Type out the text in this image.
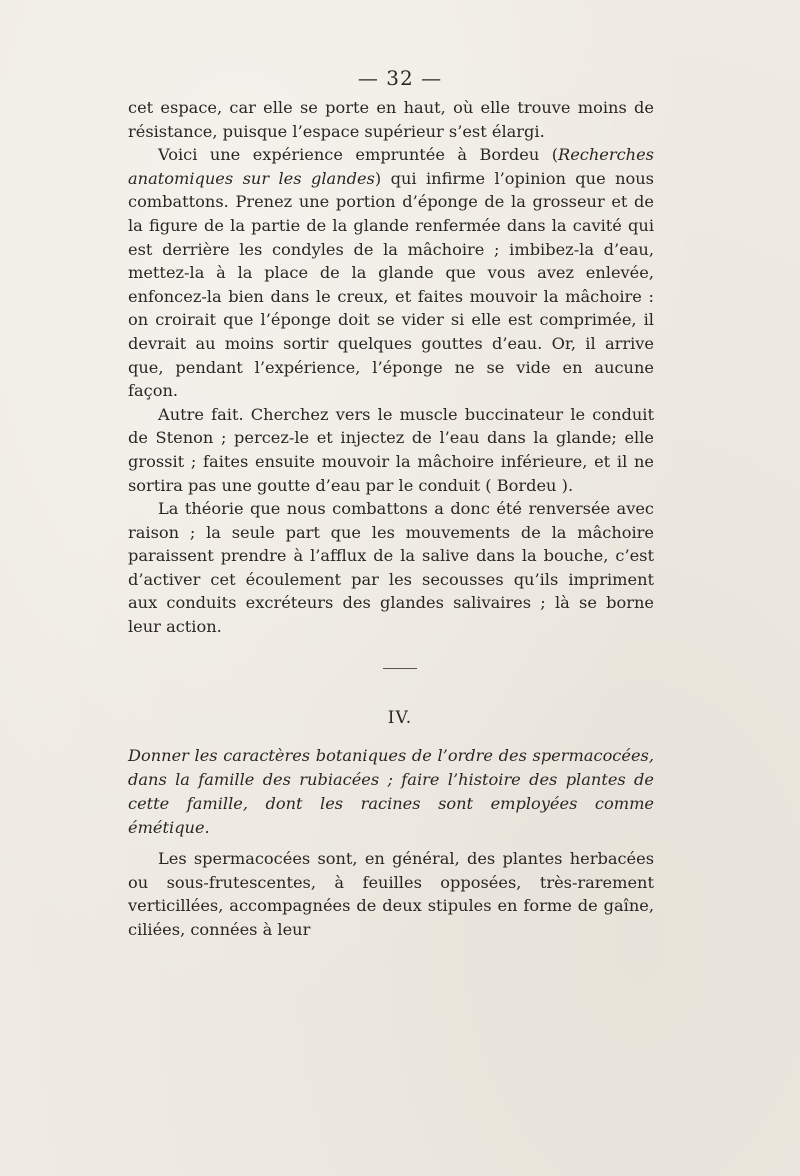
— 32 —

cet espace, car elle se porte en haut, où elle trouve moins de résistance, puisque l’espace supérieur s’est élargi.

Voici une expérience empruntée à Bordeu (Recherches anatomiques sur les glandes) qui infirme l’opinion que nous combattons. Prenez une portion d’éponge de la grosseur et de la figure de la partie de la glande renfermée dans la cavité qui est derrière les condyles de la mâchoire ; imbibez-la d’eau, mettez-la à la place de la glande que vous avez enlevée, enfoncez-la bien dans le creux, et faites mouvoir la mâchoire : on croirait que l’éponge doit se vider si elle est comprimée, il devrait au moins sortir quelques gouttes d’eau. Or, il arrive que, pendant l’expérience, l’éponge ne se vide en aucune façon.

Autre fait. Cherchez vers le muscle buccinateur le conduit de Stenon ; percez-le et injectez de l’eau dans la glande; elle grossit ; faites ensuite mouvoir la mâchoire inférieure, et il ne sortira pas une goutte d’eau par le conduit ( Bordeu ).

La théorie que nous combattons a donc été renversée avec raison ; la seule part que les mouvements de la mâchoire paraissent prendre à l’afflux de la salive dans la bouche, c’est d’activer cet écoulement par les secousses qu’ils impriment aux conduits excréteurs des glandes salivaires ; là se borne leur action.

IV.

Donner les caractères botaniques de l’ordre des spermacocées, dans la famille des rubiacées ; faire l’histoire des plantes de cette famille, dont les racines sont employées comme émétique.

Les spermacocées sont, en général, des plantes herbacées ou sous-frutescentes, à feuilles opposées, très-rarement verticillées, accompagnées de deux stipules en forme de gaîne, ciliées, connées à leur
